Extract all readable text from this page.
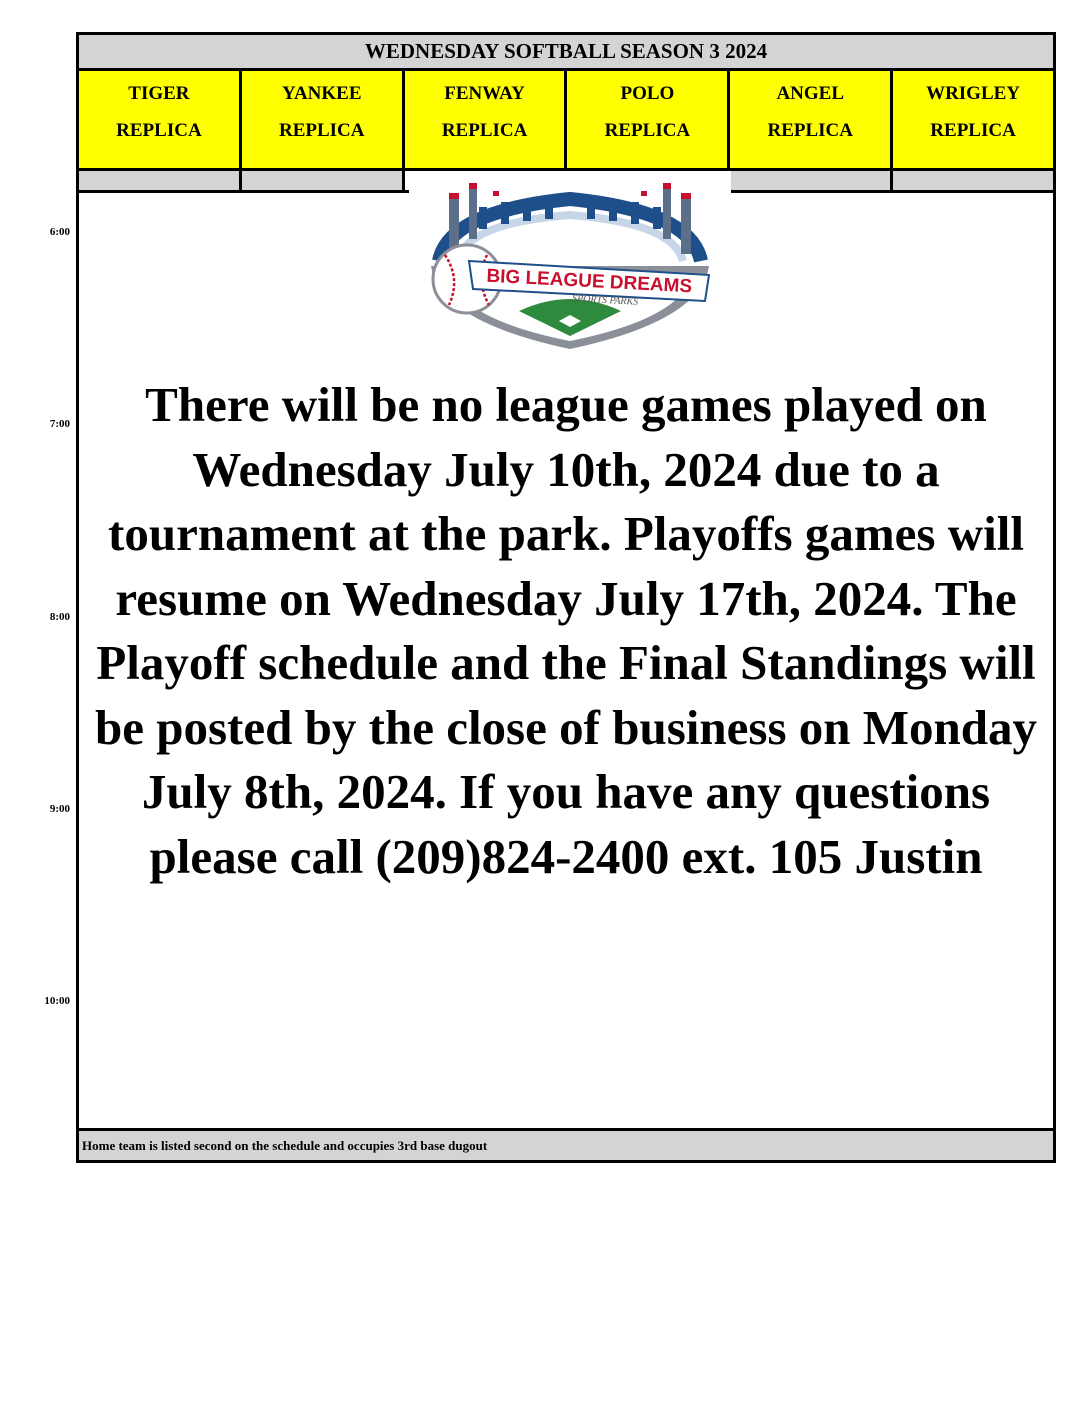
6:00
7:00
8:00
9:00
10:00
WEDNESDAY SOFTBALL SEASON 3 2024
TIGER
REPLICA
YANKEE
REPLICA
FENWAY
REPLICA
POLO
REPLICA
ANGEL
REPLICA
WRIGLEY
REPLICA
BIG LEAGUE DREAMS
SPORTS PARKS
There will be no league games played on Wednesday July 10th, 2024 due to a tournament at the park. Playoffs games will resume on Wednesday July 17th, 2024. The Playoff schedule and the Final Standings will be posted by the close of business on Monday July 8th, 2024. If you have any questions please call (209)824-2400 ext. 105 Justin
Home team is listed second on the schedule and occupies 3rd base dugout
